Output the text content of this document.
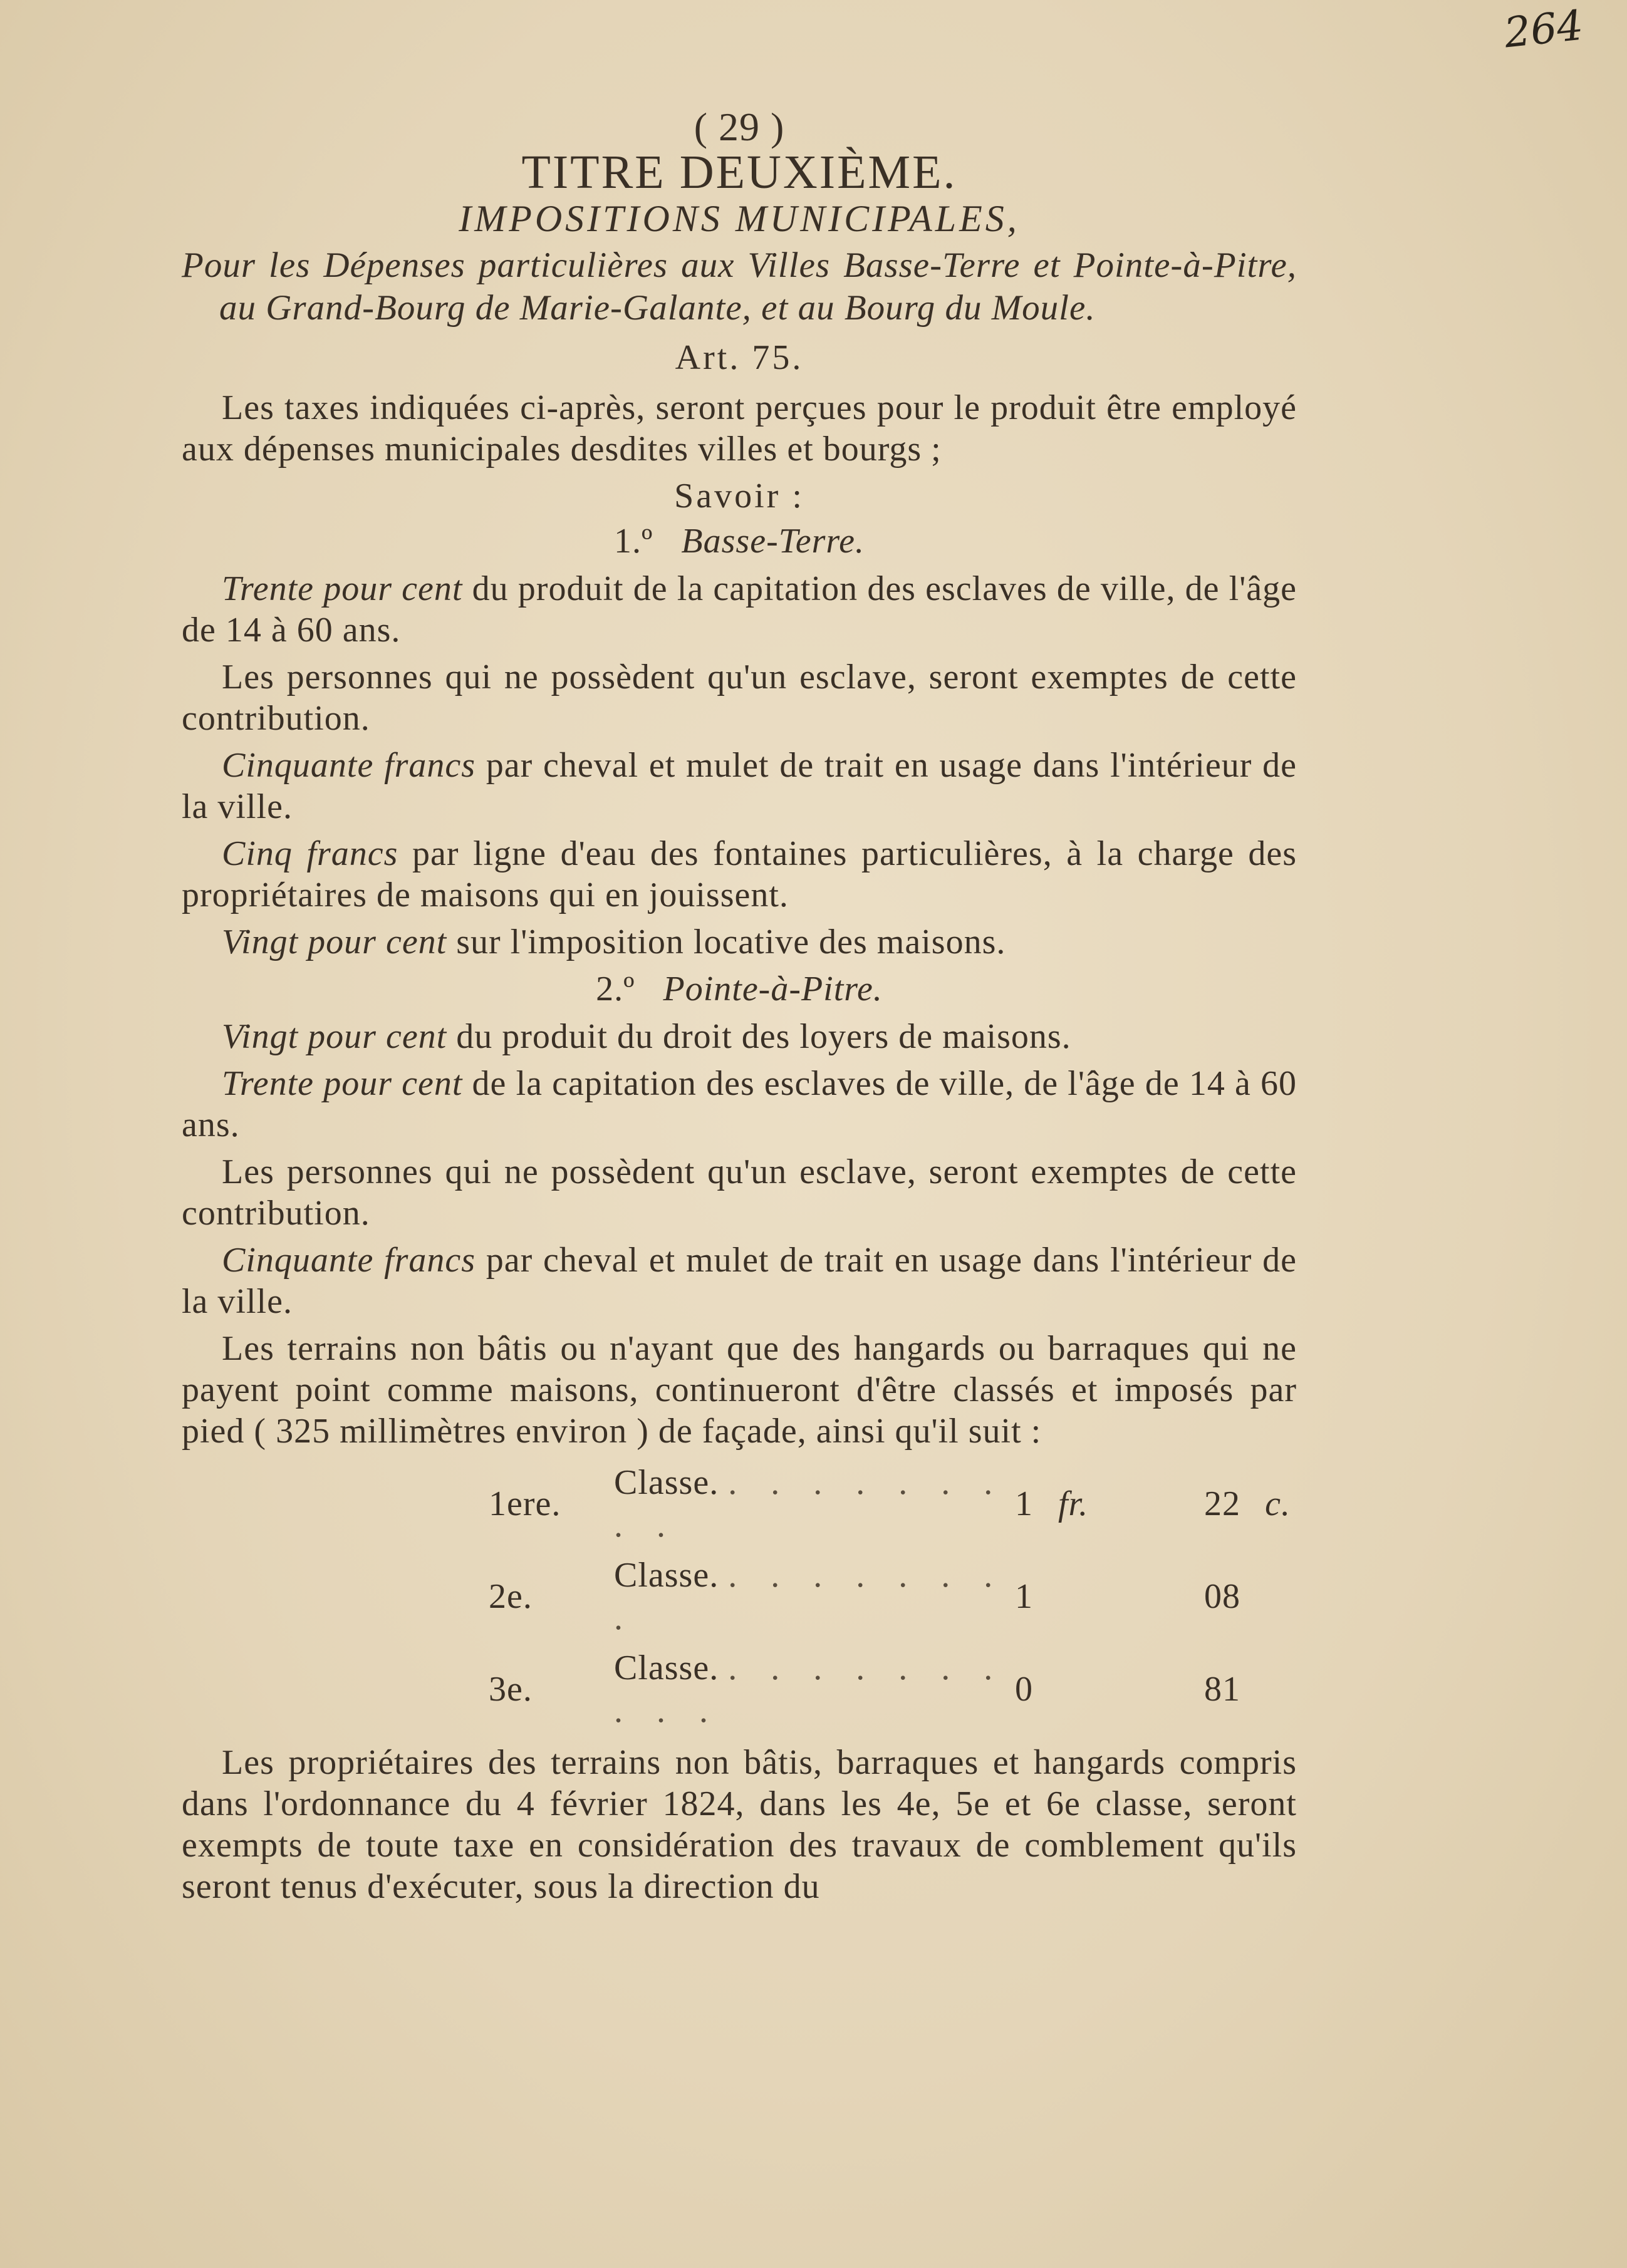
264
( 29 )
TITRE DEUXIÈME.
IMPOSITIONS MUNICIPALES,
Pour les Dépenses particulières aux Villes Basse-Terre et Pointe-à-Pitre, au Grand-Bourg de Marie-Galante, et au Bourg du Moule.
Art. 75.

Les taxes indiquées ci-après, seront perçues pour le produit être employé aux dépenses municipales desdites villes et bourgs ;

Savoir :
1.º Basse-Terre.

Trente pour cent du produit de la capitation des esclaves de ville, de l'âge de 14 à 60 ans.

Les personnes qui ne possèdent qu'un esclave, seront exemptes de cette contribution.

Cinquante francs par cheval et mulet de trait en usage dans l'intérieur de la ville.

Cinq francs par ligne d'eau des fontaines particulières, à la charge des propriétaires de maisons qui en jouissent.

Vingt pour cent sur l'imposition locative des maisons.

2.º Pointe-à-Pitre.

Vingt pour cent du produit du droit des loyers de maisons.

Trente pour cent de la capitation des esclaves de ville, de l'âge de 14 à 60 ans.

Les personnes qui ne possèdent qu'un esclave, seront exemptes de cette contribution.

Cinquante francs par cheval et mulet de trait en usage dans l'intérieur de la ville.

Les terrains non bâtis ou n'ayant que des hangards ou barraques qui ne payent point comme maisons, continueront d'être classés et imposés par pied ( 325 millimètres environ ) de façade, ainsi qu'il suit :

1ere.	Classe. . . . . . . . . .	1 fr.	22	c.
2e.	Classe. . . . . . . . .	1	08	
3e.	Classe. . . . . . . . . . .	0	81	

Les propriétaires des terrains non bâtis, barraques et hangards compris dans l'ordonnance du 4 février 1824, dans les 4e, 5e et 6e classe, seront exempts de toute taxe en considération des travaux de comblement qu'ils seront tenus d'exécuter, sous la direction du
